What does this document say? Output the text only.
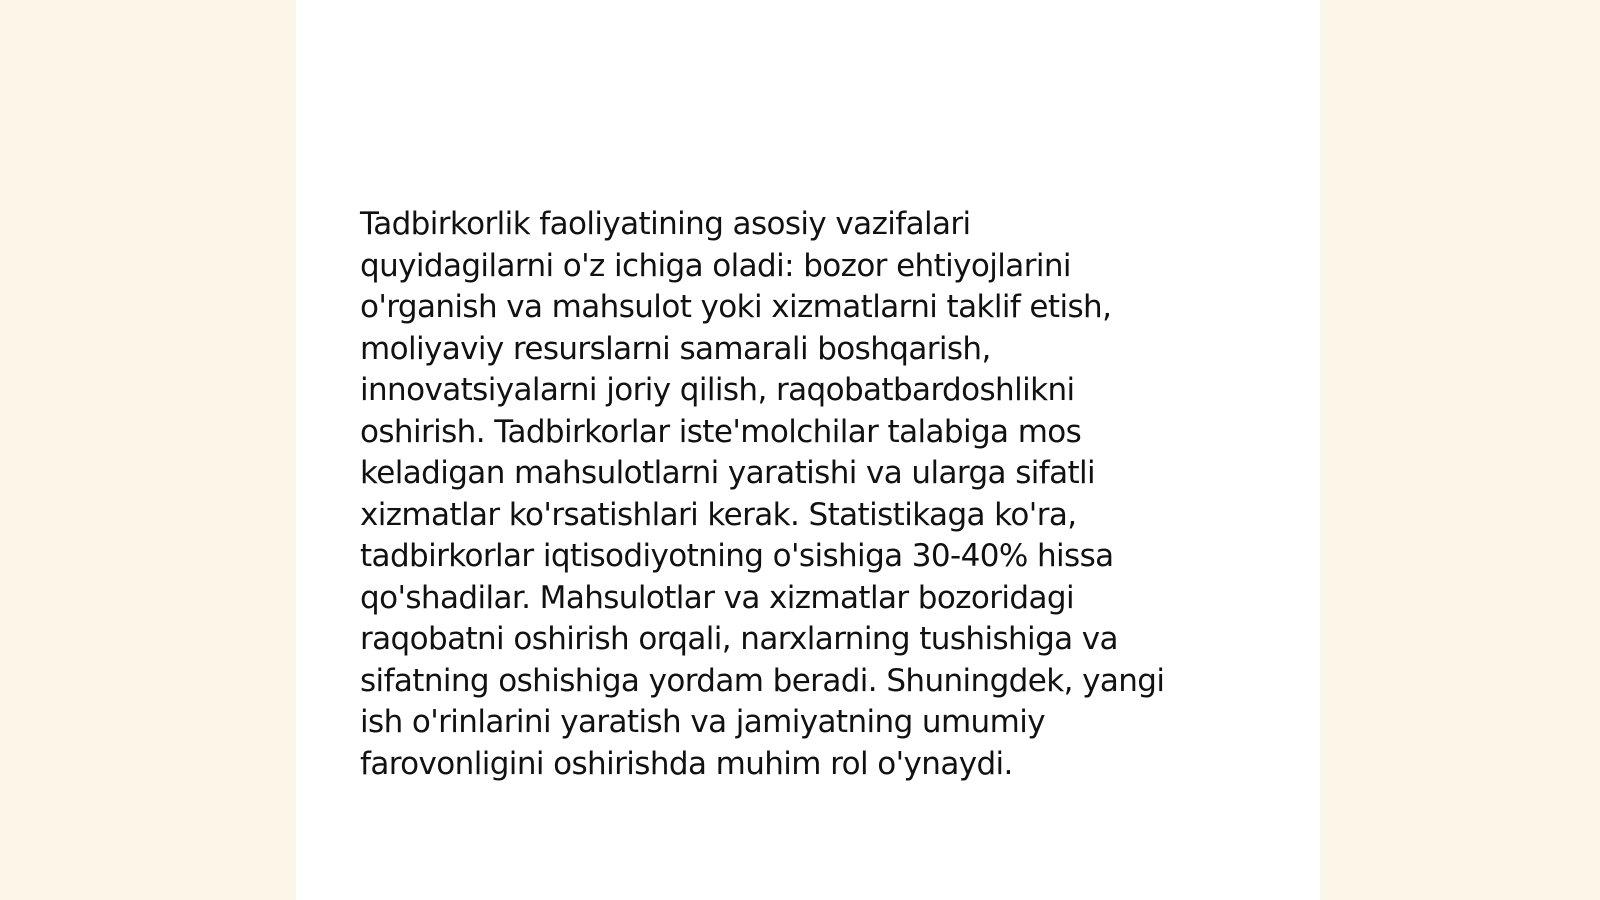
Tadbirkorlik faoliyatining asosiy vazifalari
quyidagilarni o'z ichiga oladi: bozor ehtiyojlarini
o'rganish va mahsulot yoki xizmatlarni taklif etish,
moliyaviy resurslarni samarali boshqarish,
innovatsiyalarni joriy qilish, raqobatbardoshlikni
oshirish. Tadbirkorlar iste'molchilar talabiga mos
keladigan mahsulotlarni yaratishi va ularga sifatli
xizmatlar ko'rsatishlari kerak. Statistikaga ko'ra,
tadbirkorlar iqtisodiyotning o'sishiga 30-40% hissa
qo'shadilar. Mahsulotlar va xizmatlar bozoridagi
raqobatni oshirish orqali, narxlarning tushishiga va
sifatning oshishiga yordam beradi. Shuningdek, yangi
ish o'rinlarini yaratish va jamiyatning umumiy
farovonligini oshirishda muhim rol o'ynaydi.
